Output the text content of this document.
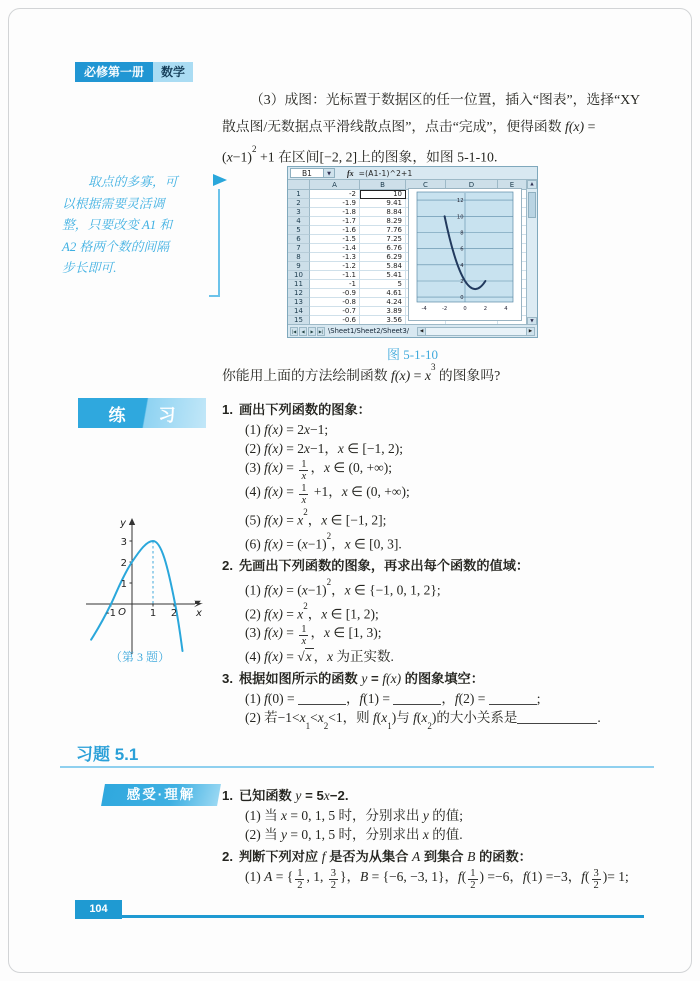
必修第一册	数学
（3）成图：光标置于数据区的任一位置，插入“图表”，选择“XY
散点图/无数据点平滑线散点图”，点击“完成”，便得函数 f(x) =
$(x-1)^2 +1$ 在区间[−2, 2]上的图象，如图 5-1-10.
取点的多寡，可
以根据需要灵活调
整，只要改变 A1 和
A2 格两个数的间隔
步长即可.
B1	▼	fx =(A1-1)^2+1
A	B	C	D	E
1	-2	10
2	-1.9	9.41
3	-1.8	8.84
4	-1.7	8.29
5	-1.6	7.76
6	-1.5	7.25
7	-1.4	6.76
8	-1.3	6.29
9	-1.2	5.84
10	-1.1	5.41
11	-1	5
12	-0.9	4.61
13	-0.8	4.24
14	-0.7	3.89
15	-0.6	3.56
12
10
8
6
4
2
0
-4	-2	0	2	4
▲
▼
|◀	◀	▶	▶| \Sheet1/Sheet2/Sheet3/	◀	▶
图 5-1-10
你能用上面的方法绘制函数 $f(x) = x^3$ 的图象吗?
练　习	1. 画出下列函数的图象：
(1) f(x) = 2x−1;
(2) f(x) = 2x−1，x ∈ [−1, 2);
(3) $f(x) = \frac{1}{x}$ ，x ∈ (0, +∞);
(4) $f(x) = \frac{1}{x} +1$，x ∈ (0, +∞);
(5) $f(x) = x^2$，x ∈ [−1, 2];
(6) $f(x) = (x-1)^2$，x ∈ [0, 3].
2. 先画出下列函数的图象，再求出每个函数的值域：
(1) $f(x) = (x-1)^2$，x ∈ {−1, 0, 1, 2};
(2) $f(x) = x^2$，x ∈ [1, 2);
(3) $f(x) = \frac{1}{x}$ ，x ∈ [1, 3);
(4) f(x) = √x ，x 为正实数.
3. 根据如图所示的函数 y = f(x) 的图象填空：
(1) f(0) =	，f(1) =	，f(2) =	;
(2) 若$-1<x_1<x_2<1$，则 $f(x_1)$与 $f(x_2)$的大小关系是	.
1
2
3
-1	1 2
O	x
y
（第 3 题）
习题 5.1
感受·理解	1. 已知函数 y = 5x−2.
(1) 当 x = 0, 1, 5 时，分别求出 y 的值;
(2) 当 y = 0, 1, 5 时，分别求出 x 的值.
2. 判断下列对应 f 是否为从集合 A 到集合 B 的函数：
(1) A = { $\frac{1}{2}$ , 1, $\frac{3}{2}$ }，B = {−6, −3, 1}，$f( \frac{1}{2}$ ) =−6，f(1) =−3，$f( \frac{3}{2}$ )= 1;
104
